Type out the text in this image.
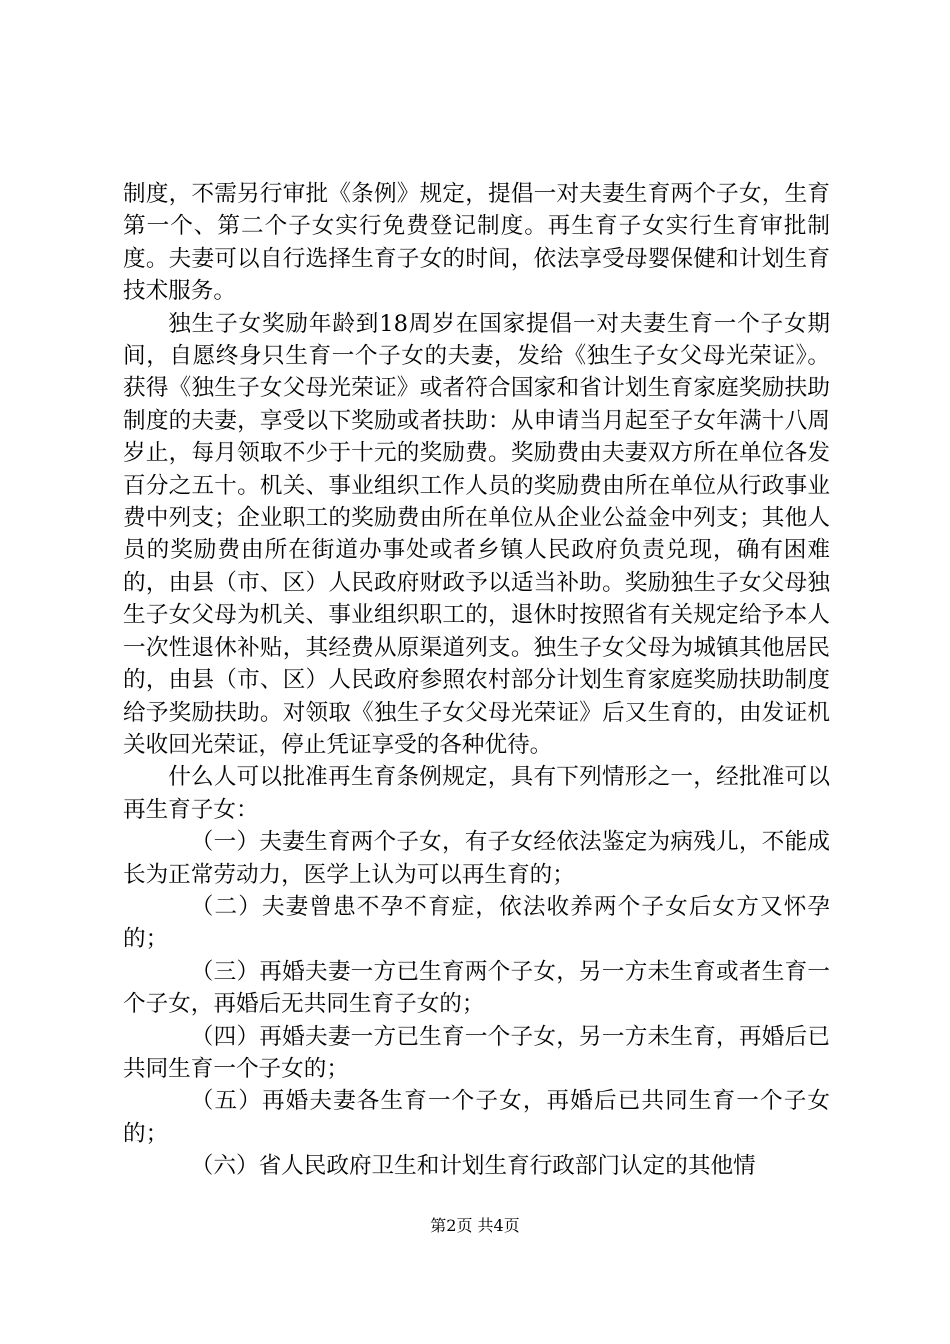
制度，不需另行审批《条例》规定，提倡一对夫妻生育两个子女，生育第一个、第二个子女实行免费登记制度。再生育子女实行生育审批制度。夫妻可以自行选择生育子女的时间，依法享受母婴保健和计划生育技术服务。

独生子女奖励年龄到18周岁在国家提倡一对夫妻生育一个子女期间，自愿终身只生育一个子女的夫妻，发给《独生子女父母光荣证》。获得《独生子女父母光荣证》或者符合国家和省计划生育家庭奖励扶助制度的夫妻，享受以下奖励或者扶助：从申请当月起至子女年满十八周岁止，每月领取不少于十元的奖励费。奖励费由夫妻双方所在单位各发百分之五十。机关、事业组织工作人员的奖励费由所在单位从行政事业费中列支；企业职工的奖励费由所在单位从企业公益金中列支；其他人员的奖励费由所在街道办事处或者乡镇人民政府负责兑现，确有困难的，由县（市、区）人民政府财政予以适当补助。奖励独生子女父母独生子女父母为机关、事业组织职工的，退休时按照省有关规定给予本人一次性退休补贴，其经费从原渠道列支。独生子女父母为城镇其他居民的，由县（市、区）人民政府参照农村部分计划生育家庭奖励扶助制度给予奖励扶助。对领取《独生子女父母光荣证》后又生育的，由发证机关收回光荣证，停止凭证享受的各种优待。

什么人可以批准再生育条例规定，具有下列情形之一，经批准可以再生育子女：

（一）夫妻生育两个子女，有子女经依法鉴定为病残儿，不能成长为正常劳动力，医学上认为可以再生育的；

（二）夫妻曾患不孕不育症，依法收养两个子女后女方又怀孕的；

（三）再婚夫妻一方已生育两个子女，另一方未生育或者生育一个子女，再婚后无共同生育子女的；

（四）再婚夫妻一方已生育一个子女，另一方未生育，再婚后已共同生育一个子女的；

（五）再婚夫妻各生育一个子女，再婚后已共同生育一个子女的；

（六）省人民政府卫生和计划生育行政部门认定的其他情

第2页 共4页
